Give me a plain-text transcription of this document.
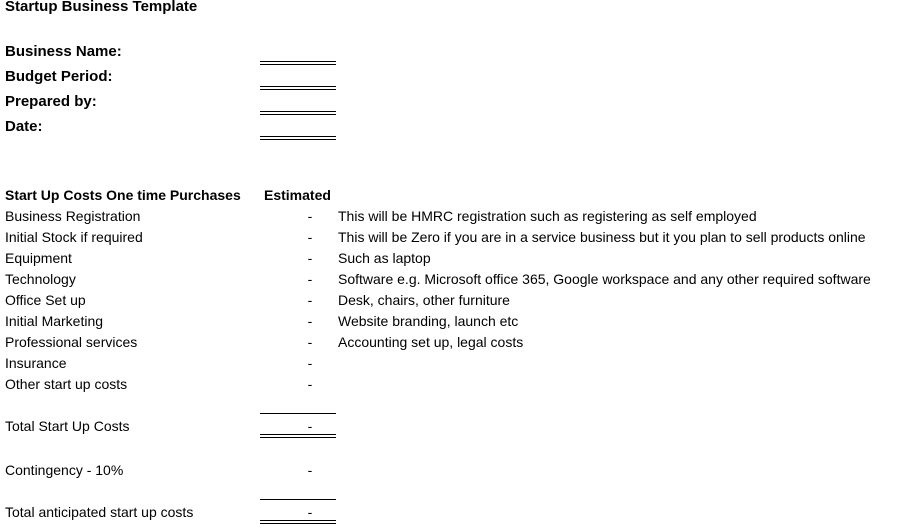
Startup Business Template
Business Name:
Budget Period:
Prepared by:
Date:
Start Up Costs One time Purchases Estimated
Business Registration	- This will be HMRC registration such as registering as self employed
Initial Stock if required	- This will be Zero if you are in a service business but it you plan to sell products online
Equipment	- Such as laptop
Technology	- Software e.g. Microsoft office 365, Google workspace and any other required software
Office Set up	- Desk, chairs, other furniture
Initial Marketing	- Website branding, launch etc
Professional services	- Accounting set up, legal costs
Insurance	-
Other start up costs	-
Total Start Up Costs	-
Contingency - 10%	-
Total anticipated start up costs	-
